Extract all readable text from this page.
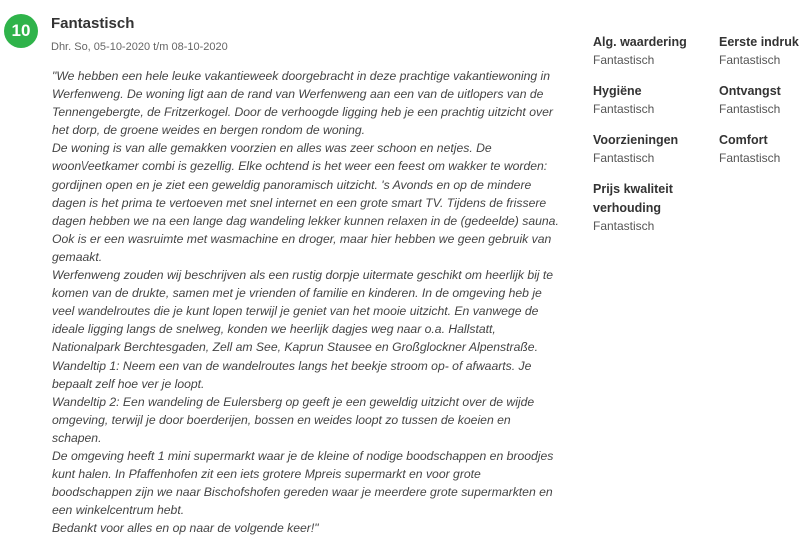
10	Fantastisch
Dhr. So, 05-10-2020 t/m 08-10-2020
"We hebben een hele leuke vakantieweek doorgebracht in deze prachtige vakantiewoning in
Werfenweng. De woning ligt aan de rand van Werfenweng aan een van de uitlopers van de
Tennengebergte, de Fritzerkogel. Door de verhoogde ligging heb je een prachtig uitzicht over
het dorp, de groene weides en bergen rondom de woning.
De woning is van alle gemakken voorzien en alles was zeer schoon en netjes. De
woon\/eetkamer combi is gezellig. Elke ochtend is het weer een feest om wakker te worden:
gordijnen open en je ziet een geweldig panoramisch uitzicht. 's Avonds en op de mindere
dagen is het prima te vertoeven met snel internet en een grote smart TV. Tijdens de frissere
dagen hebben we na een lange dag wandeling lekker kunnen relaxen in de (gedeelde) sauna.
Ook is er een wasruimte met wasmachine en droger, maar hier hebben we geen gebruik van
gemaakt.
Werfenweng zouden wij beschrijven als een rustig dorpje uitermate geschikt om heerlijk bij te
komen van de drukte, samen met je vrienden of familie en kinderen. In de omgeving heb je
veel wandelroutes die je kunt lopen terwijl je geniet van het mooie uitzicht. En vanwege de
ideale ligging langs de snelweg, konden we heerlijk dagjes weg naar o.a. Hallstatt,
Nationalpark Berchtesgaden, Zell am See, Kaprun Stausee en Großglockner Alpenstraße.
Wandeltip 1: Neem een van de wandelroutes langs het beekje stroom op- of afwaarts. Je
bepaalt zelf hoe ver je loopt.
Wandeltip 2: Een wandeling de Eulersberg op geeft je een geweldig uitzicht over de wijde
omgeving, terwijl je door boerderijen, bossen en weides loopt zo tussen de koeien en
schapen.
De omgeving heeft 1 mini supermarkt waar je de kleine of nodige boodschappen en broodjes
kunt halen. In Pfaffenhofen zit een iets grotere Mpreis supermarkt en voor grote
boodschappen zijn we naar Bischofshofen gereden waar je meerdere grote supermarkten en
een winkelcentrum hebt.
Bedankt voor alles en op naar de volgende keer!"
Alg. waardering
Fantastisch
Eerste indruk
Fantastisch
Hygiëne
Fantastisch
Ontvangst
Fantastisch
Voorzieningen
Fantastisch
Comfort
Fantastisch
Prijs kwaliteit verhouding
Fantastisch
